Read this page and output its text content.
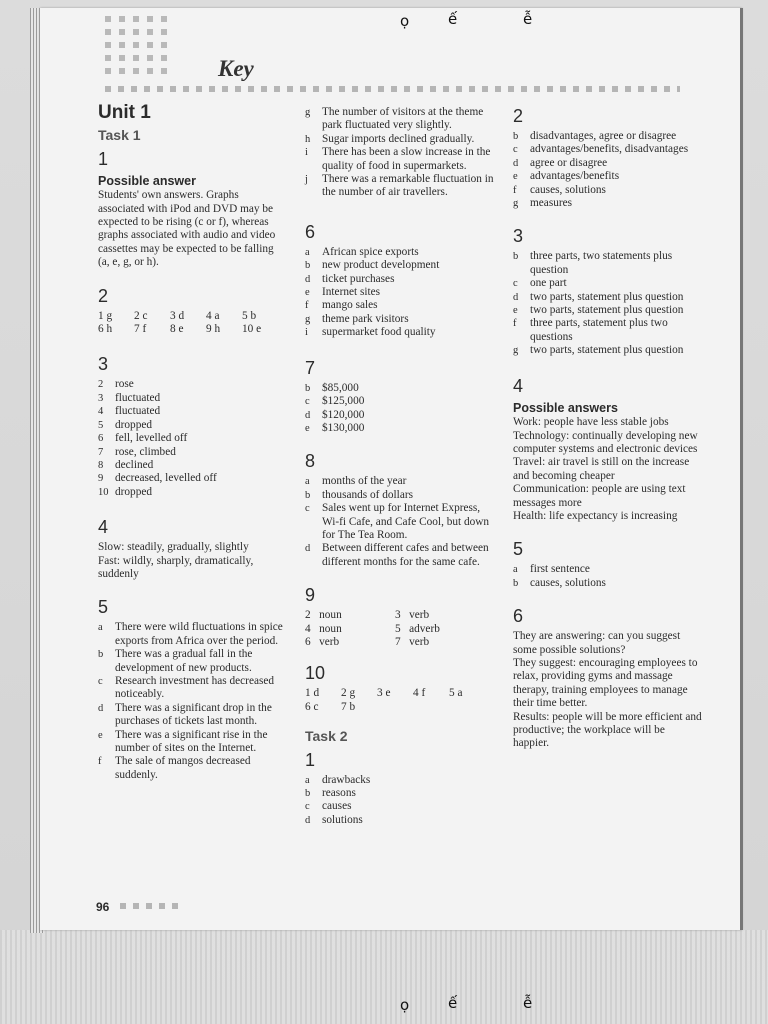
ọ	ế	ễ
Key
Unit 1
Task 1
1
Possible answer

Students' own answers. Graphs associated with iPod and DVD may be expected to be rising (c or f), whereas graphs associated with audio and video cassettes may be expected to be falling (a, e, g, or h).

2
1 g	2 c	3 d	4 a	5 b
6 h	7 f	8 e	9 h	10 e
3
2	rose
3	fluctuated
4	fluctuated
5	dropped
6	fell, levelled off
7	rose, climbed
8	declined
9	decreased, levelled off
10 dropped
4

Slow: steadily, gradually, slightly

Fast: wildly, sharply, dramatically, suddenly

5
a	There were wild fluctuations in spice exports from Africa over the period.
b	There was a gradual fall in the development of new products.
c	Research investment has decreased noticeably.
d	There was a significant drop in the purchases of tickets last month.
e	There was a significant rise in the number of sites on the Internet.
f	The sale of mangos decreased suddenly.
g	The number of visitors at the theme park fluctuated very slightly.
h	Sugar imports declined gradually.
i	There has been a slow increase in the quality of food in supermarkets.
j	There was a remarkable fluctuation in the number of air travellers.
6
a	African spice exports
b	new product development
d	ticket purchases
e	Internet sites
f	mango sales
g	theme park visitors
i	supermarket food quality
7
b	$85,000
c	$125,000
d	$120,000
e	$130,000
8
a	months of the year
b	thousands of dollars
c	Sales went up for Internet Express, Wi-fi Cafe, and Cafe Cool, but down for The Tea Room.
d	Between different cafes and between different months for the same cafe.
9
2   noun	3   verb
4   noun	5   adverb
6   verb	7   verb
10
1 d	2 g	3 e	4 f	5 a
6 c	7 b
Task 2
1
a	drawbacks
b	reasons
c	causes
d	solutions
2
b	disadvantages, agree or disagree
c	advantages/benefits, disadvantages
d	agree or disagree
e	advantages/benefits
f	causes, solutions
g	measures
3
b	three parts, two statements plus question
c	one part
d	two parts, statement plus question
e	two parts, statement plus question
f	three parts, statement plus two questions
g	two parts, statement plus question
4
Possible answers

Work: people have less stable jobs

Technology: continually developing new computer systems and electronic devices

Travel: air travel is still on the increase and becoming cheaper

Communication: people are using text messages more

Health: life expectancy is increasing

5
a	first sentence
b	causes, solutions
6

They are answering: can you suggest some possible solutions?

They suggest: encouraging employees to relax, providing gyms and massage therapy, training employees to manage their time better.

Results: people will be more efficient and productive; the workplace will be happier.

96
ọ	ế	ễ
